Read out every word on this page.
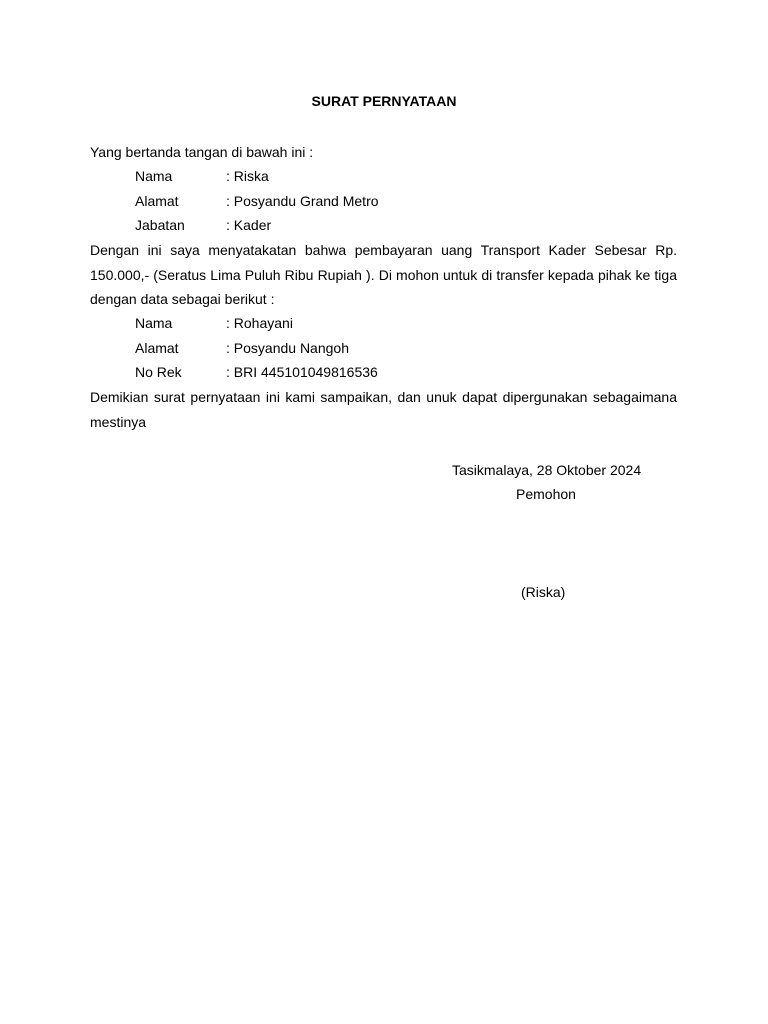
SURAT PERNYATAAN
Yang bertanda tangan di bawah ini :
Nama	: Riska
Alamat	: Posyandu Grand Metro
Jabatan	: Kader

Dengan ini saya menyatakatan bahwa pembayaran uang Transport Kader Sebesar Rp. 150.000,- (Seratus Lima Puluh Ribu Rupiah ). Di mohon untuk di transfer kepada pihak ke tiga dengan data sebagai berikut :

Nama	: Rohayani
Alamat	: Posyandu Nangoh
No Rek	: BRI 445101049816536

Demikian surat pernyataan ini kami sampaikan, dan unuk dapat dipergunakan sebagaimana mestinya

Tasikmalaya, 28 Oktober 2024
Pemohon
(Riska)
